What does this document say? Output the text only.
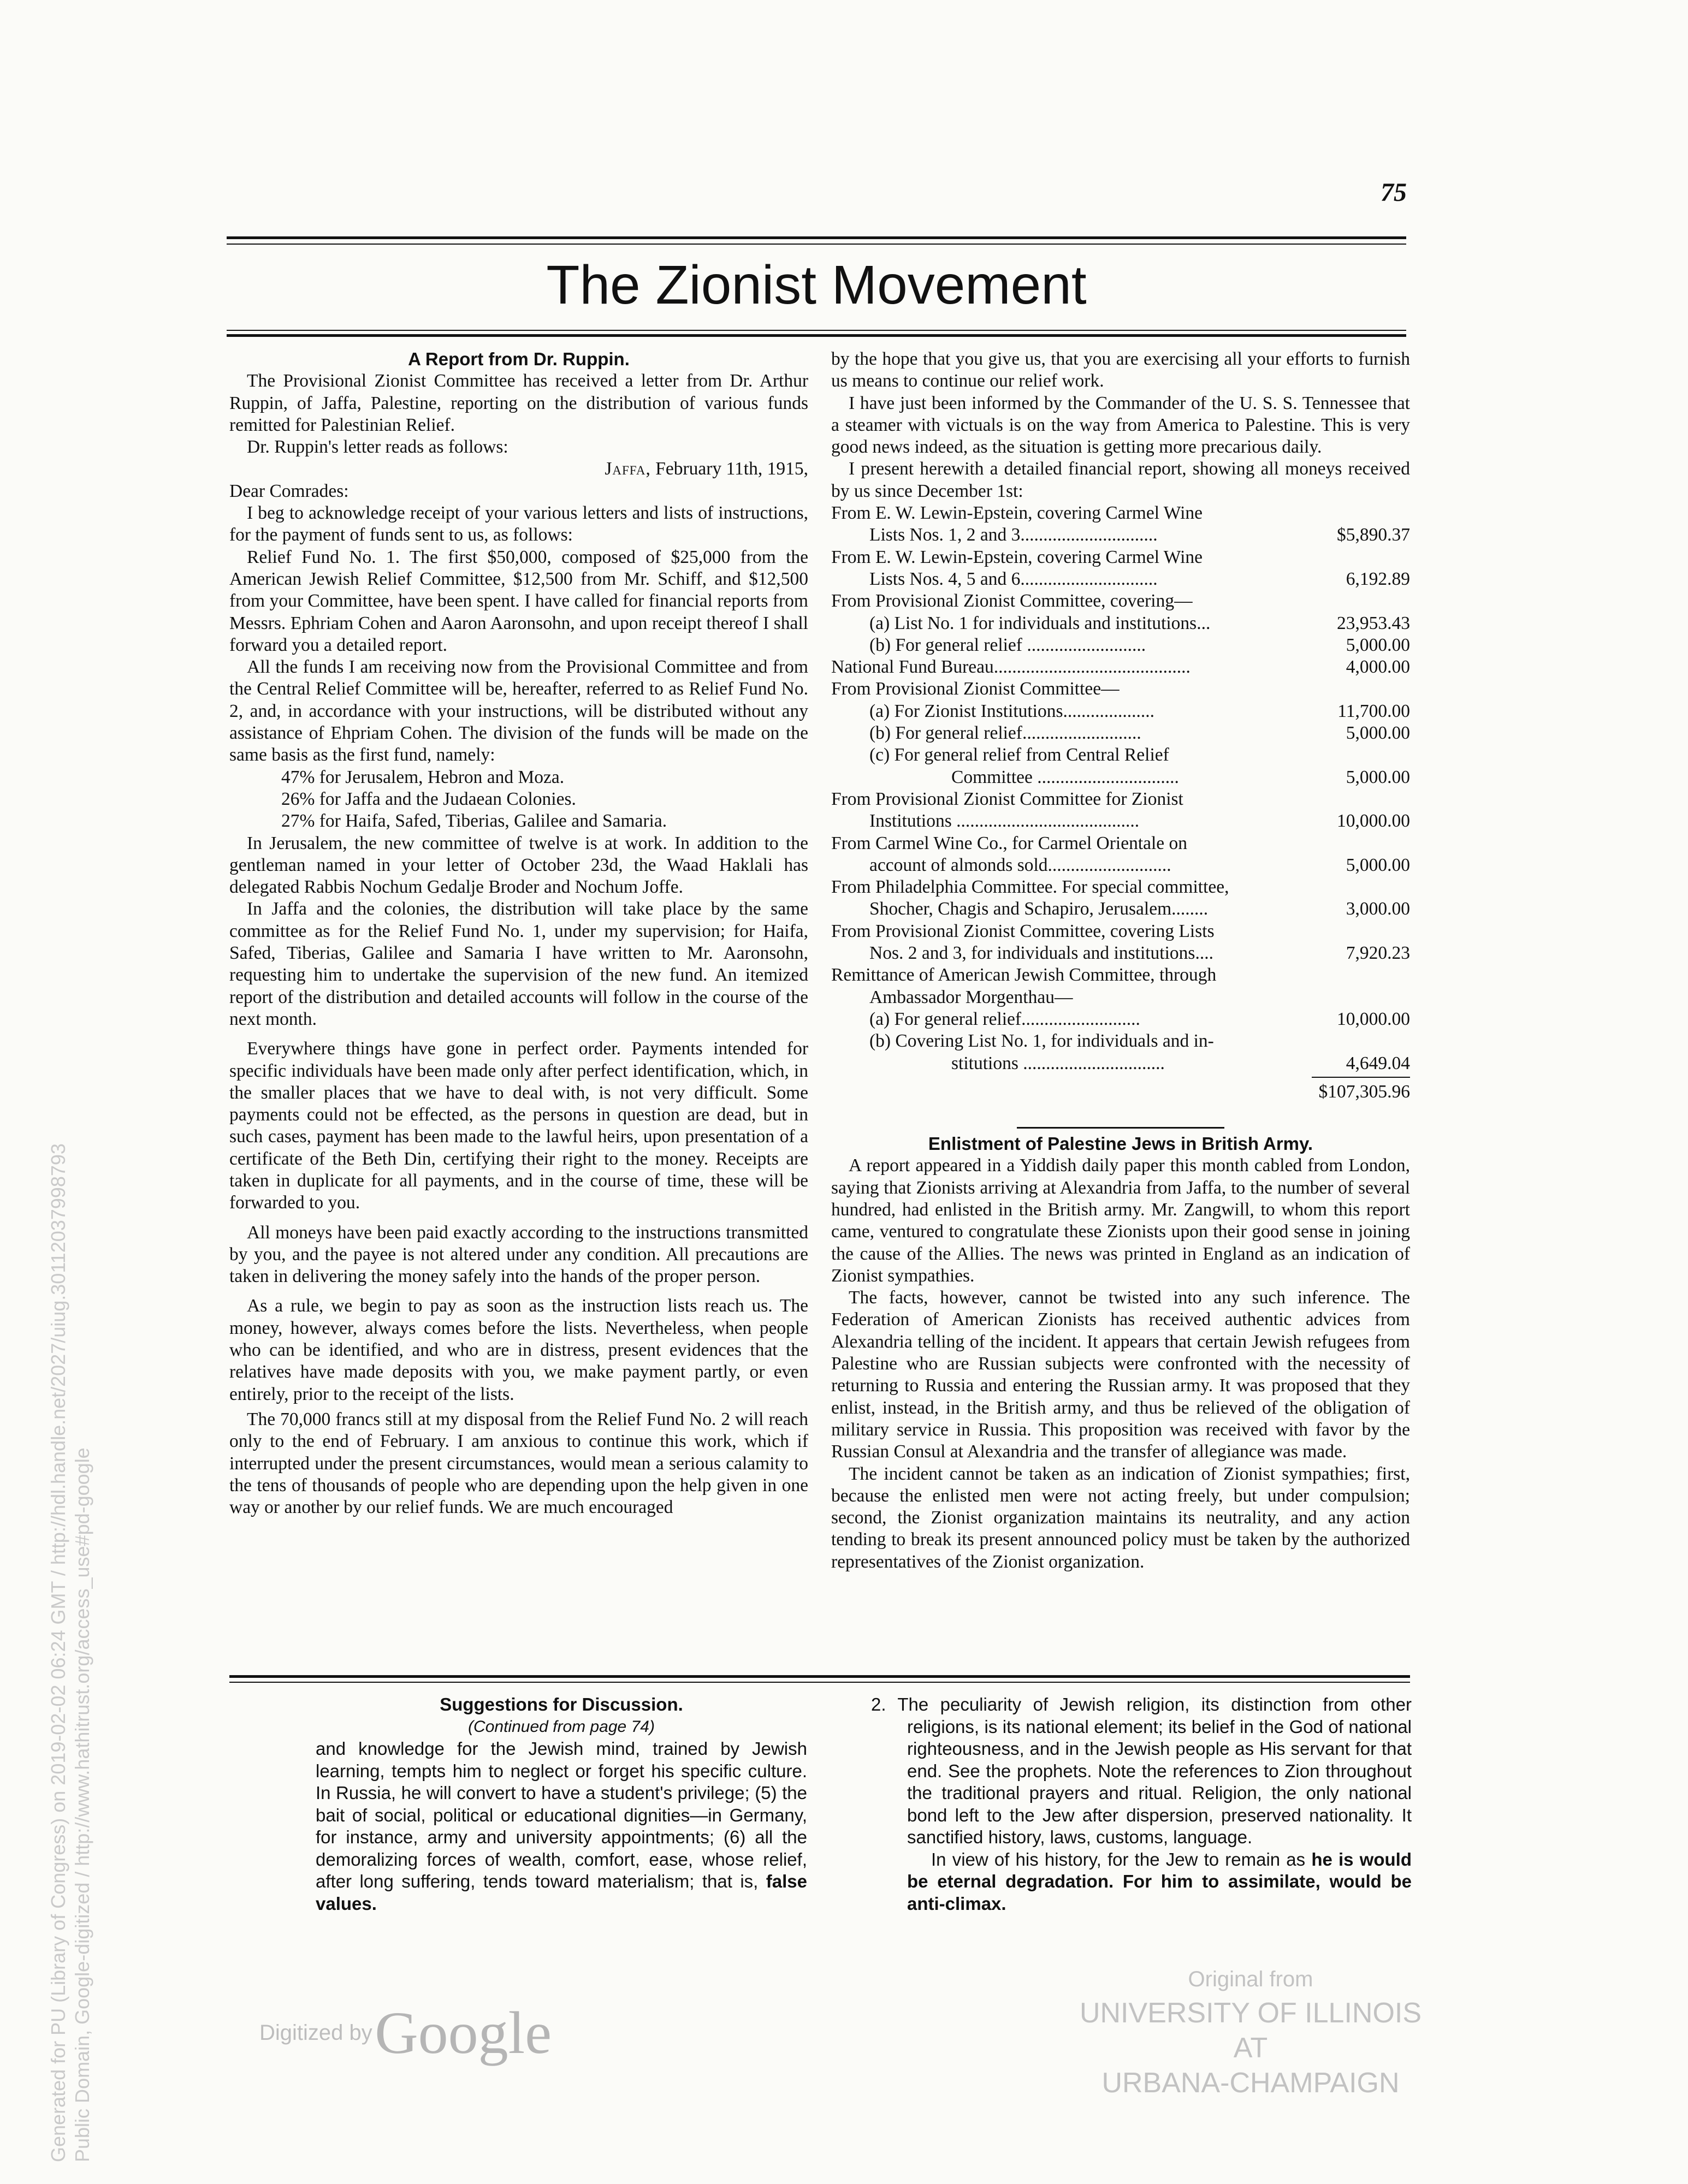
75
The Zionist Movement

A Report from Dr. Ruppin.

The Provisional Zionist Committee has received a letter from Dr. Arthur Ruppin, of Jaffa, Palestine, reporting on the distribution of various funds remitted for Palestinian Relief.

Dr. Ruppin's letter reads as follows:

Jaffa, February 11th, 1915,

Dear Comrades:

I beg to acknowledge receipt of your various letters and lists of instructions, for the payment of funds sent to us, as follows:

Relief Fund No. 1. The first $50,000, composed of $25,000 from the American Jewish Relief Committee, $12,500 from Mr. Schiff, and $12,500 from your Committee, have been spent. I have called for financial reports from Messrs. Ephriam Cohen and Aaron Aaronsohn, and upon receipt thereof I shall forward you a detailed report.

All the funds I am receiving now from the Provisional Committee and from the Central Relief Committee will be, hereafter, referred to as Relief Fund No. 2, and, in accordance with your instructions, will be distributed without any assistance of Ehpriam Cohen. The division of the funds will be made on the same basis as the first fund, namely:

47% for Jerusalem, Hebron and Moza.

26% for Jaffa and the Judaean Colonies.

27% for Haifa, Safed, Tiberias, Galilee and Samaria.

In Jerusalem, the new committee of twelve is at work. In addition to the gentleman named in your letter of October 23d, the Waad Haklali has delegated Rabbis Nochum Gedalje Broder and Nochum Joffe.

In Jaffa and the colonies, the distribution will take place by the same committee as for the Relief Fund No. 1, under my supervision; for Haifa, Safed, Tiberias, Galilee and Samaria I have written to Mr. Aaronsohn, requesting him to undertake the supervision of the new fund. An itemized report of the distribution and detailed accounts will follow in the course of the next month.

Everywhere things have gone in perfect order. Payments intended for specific individuals have been made only after perfect identification, which, in the smaller places that we have to deal with, is not very difficult. Some payments could not be effected, as the persons in question are dead, but in such cases, payment has been made to the lawful heirs, upon presentation of a certificate of the Beth Din, certifying their right to the money. Receipts are taken in duplicate for all payments, and in the course of time, these will be forwarded to you.

All moneys have been paid exactly according to the instructions transmitted by you, and the payee is not altered under any condition. All precautions are taken in delivering the money safely into the hands of the proper person.

As a rule, we begin to pay as soon as the instruction lists reach us. The money, however, always comes before the lists. Nevertheless, when people who can be identified, and who are in distress, present evidences that the relatives have made deposits with you, we make payment partly, or even entirely, prior to the receipt of the lists.

The 70,000 francs still at my disposal from the Relief Fund No. 2 will reach only to the end of February. I am anxious to continue this work, which if interrupted under the present circumstances, would mean a serious calamity to the tens of thousands of people who are depending upon the help given in one way or another by our relief funds. We are much encouraged

by the hope that you give us, that you are exercising all your efforts to furnish us means to continue our relief work.

I have just been informed by the Commander of the U. S. S. Tennessee that a steamer with victuals is on the way from America to Palestine. This is very good news indeed, as the situation is getting more precarious daily.

I present herewith a detailed financial report, showing all moneys received by us since December 1st:

From E. W. Lewin-Epstein, covering Carmel Wine
Lists Nos. 1, 2 and 3..............................	$5,890.37
From E. W. Lewin-Epstein, covering Carmel Wine
Lists Nos. 4, 5 and 6..............................	6,192.89
From Provisional Zionist Committee, covering—
(a) List No. 1 for individuals and institutions...	23,953.43
(b) For general relief ..........................	5,000.00
National Fund Bureau...........................................	4,000.00
From Provisional Zionist Committee—
(a) For Zionist Institutions....................	11,700.00
(b) For general relief..........................	5,000.00
(c) For general relief from Central Relief
Committee ...............................	5,000.00
From Provisional Zionist Committee for Zionist
Institutions ........................................	10,000.00
From Carmel Wine Co., for Carmel Orientale on
account of almonds sold...........................	5,000.00
From Philadelphia Committee. For special committee,
Shocher, Chagis and Schapiro, Jerusalem........	3,000.00
From Provisional Zionist Committee, covering Lists
Nos. 2 and 3, for individuals and institutions....	7,920.23
Remittance of American Jewish Committee, through
Ambassador Morgenthau—
(a) For general relief..........................	10,000.00
(b) Covering List No. 1, for individuals and in-
stitutions ...............................	4,649.04

$107,305.96

Enlistment of Palestine Jews in British Army.

A report appeared in a Yiddish daily paper this month cabled from London, saying that Zionists arriving at Alexandria from Jaffa, to the number of several hundred, had enlisted in the British army. Mr. Zangwill, to whom this report came, ventured to congratulate these Zionists upon their good sense in joining the cause of the Allies. The news was printed in England as an indication of Zionist sympathies.

The facts, however, cannot be twisted into any such inference. The Federation of American Zionists has received authentic advices from Alexandria telling of the incident. It appears that certain Jewish refugees from Palestine who are Russian subjects were confronted with the necessity of returning to Russia and entering the Russian army. It was proposed that they enlist, instead, in the British army, and thus be relieved of the obligation of military service in Russia. This proposition was received with favor by the Russian Consul at Alexandria and the transfer of allegiance was made.

The incident cannot be taken as an indication of Zionist sympathies; first, because the enlisted men were not acting freely, but under compulsion; second, the Zionist organization maintains its neutrality, and any action tending to break its present announced policy must be taken by the authorized representatives of the Zionist organization.

Suggestions for Discussion.

(Continued from page 74)

and knowledge for the Jewish mind, trained by Jewish learning, tempts him to neglect or forget his specific culture. In Russia, he will convert to have a student's privilege; (5) the bait of social, political or educational dignities—in Germany, for instance, army and university appointments; (6) all the demoralizing forces of wealth, comfort, ease, whose relief, after long suffering, tends toward materialism; that is, false values.

2. The peculiarity of Jewish religion, its distinction from other religions, is its national element; its belief in the God of national righteousness, and in the Jewish people as His servant for that end. See the prophets. Note the references to Zion throughout the traditional prayers and ritual. Religion, the only national bond left to the Jew after dispersion, preserved nationality. It sanctified history, laws, customs, language.

In view of his history, for the Jew to remain as he is would be eternal degradation. For him to assimilate, would be anti-climax.

Digitized by Google
Original from
UNIVERSITY OF ILLINOIS AT
URBANA-CHAMPAIGN
Generated for PU (Library of Congress) on 2019-02-02 06:24 GMT / http://hdl.handle.net/2027/uiug.30112037998793 Public Domain, Google-digitized / http://www.hathitrust.org/access_use#pd-google
